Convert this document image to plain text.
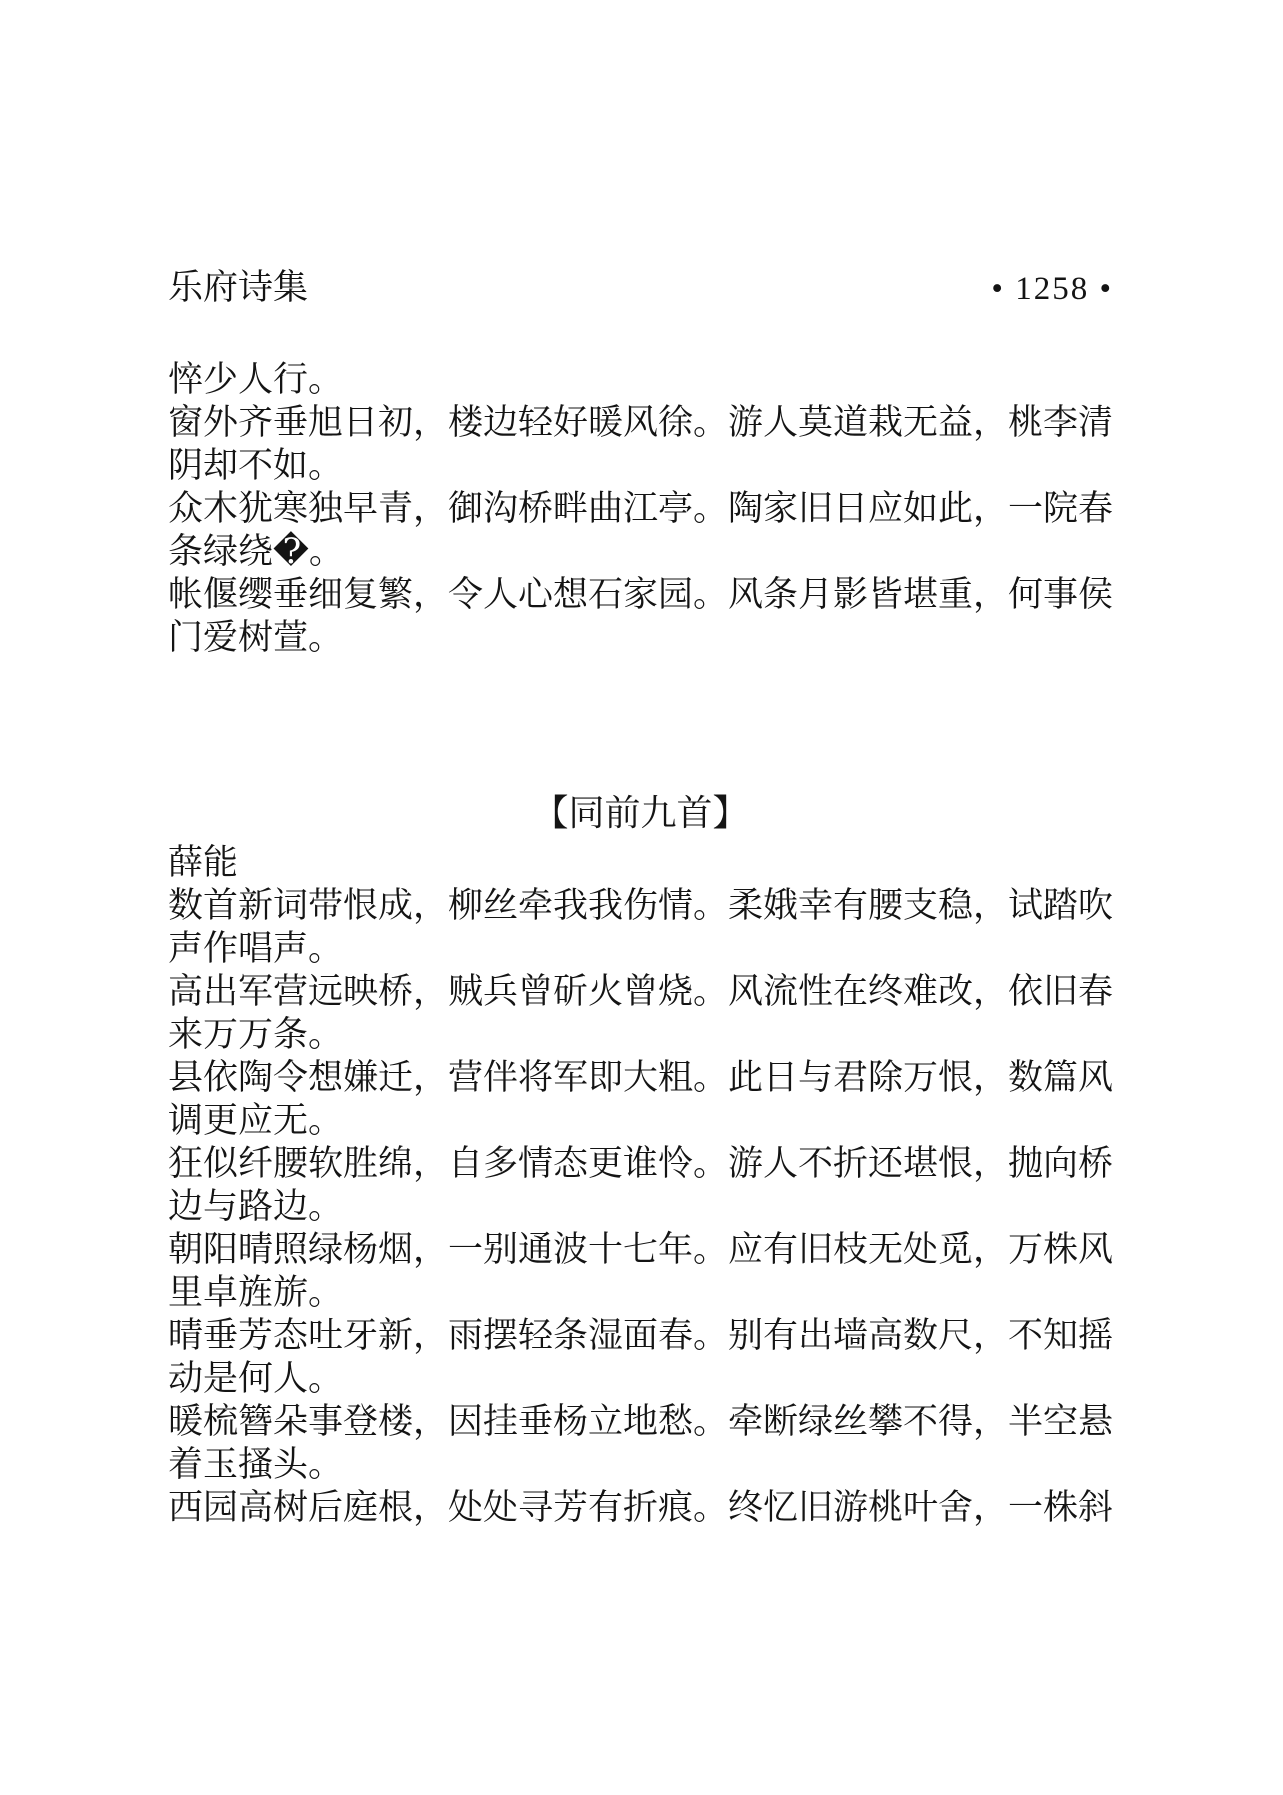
乐府诗集	• 1258 •

悴少人行。

窗外齐垂旭日初，楼边轻好暖风徐。游人莫道栽无益，桃李清阴却不如。

众木犹寒独早青，御沟桥畔曲江亭。陶家旧日应如此，一院春条绿绕�。

帐偃缨垂细复繁，令人心想石家园。风条月影皆堪重，何事侯门爱树萱。

【同前九首】

薛能

数首新词带恨成，柳丝牵我我伤情。柔娥幸有腰支稳，试踏吹声作唱声。

高出军营远映桥，贼兵曾斫火曾烧。风流性在终难改，依旧春来万万条。

县依陶令想嫌迁，营伴将军即大粗。此日与君除万恨，数篇风调更应无。

狂似纤腰软胜绵，自多情态更谁怜。游人不折还堪恨，抛向桥边与路边。

朝阳晴照绿杨烟，一别通波十七年。应有旧枝无处觅，万株风里卓旌旂。

晴垂芳态吐牙新，雨摆轻条湿面春。别有出墙高数尺，不知摇动是何人。

暖梳簪朵事登楼，因挂垂杨立地愁。牵断绿丝攀不得，半空悬着玉搔头。

西园高树后庭根，处处寻芳有折痕。终忆旧游桃叶舍，一株斜
